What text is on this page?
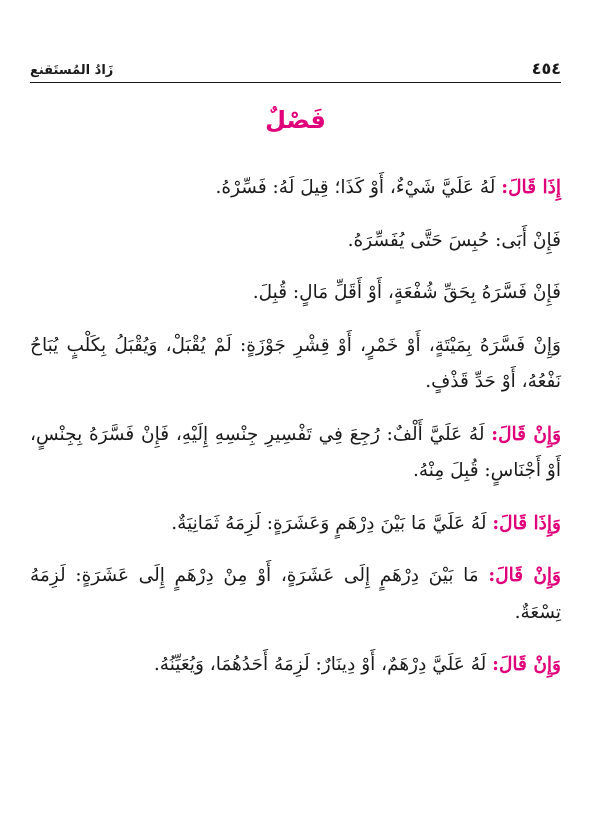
٤٥٤
زَادُ المُستَقنع
فَصْلٌ

إِذَا قَالَ: لَهُ عَلَيَّ شَيْءٌ، أَوْ كَذَا؛ قِيلَ لَهُ: فَسِّرْهُ.

فَإِنْ أَبَى: حُبِسَ حَتَّى يُفَسِّرَهُ.

فَإِنْ فَسَّرَهُ بِحَقِّ شُفْعَةٍ، أَوْ أَقَلِّ مَالٍ: قُبِلَ.

وَإِنْ فَسَّرَهُ بِمَيْتَةٍ، أَوْ خَمْرٍ، أَوْ قِشْرِ جَوْزَةٍ: لَمْ يُقْبَلْ، وَيُقْبَلُ بِكَلْبٍ يُبَاحُ نَفْعُهُ، أَوْ حَدِّ قَذْفٍ.

وَإِنْ قَالَ: لَهُ عَلَيَّ أَلْفٌ: رُجِعَ فِي تَفْسِيرِ جِنْسِهِ إِلَيْهِ، فَإِنْ فَسَّرَهُ بِجِنْسٍ، أَوْ أَجْنَاسٍ: قُبِلَ مِنْهُ.

وَإِذَا قَالَ: لَهُ عَلَيَّ مَا بَيْنَ دِرْهَمٍ وَعَشَرَةٍ: لَزِمَهُ ثَمَانِيَةٌ.

وَإِنْ قَالَ: مَا بَيْنَ دِرْهَمٍ إِلَى عَشَرَةٍ، أَوْ مِنْ دِرْهَمٍ إِلَى عَشَرَةٍ: لَزِمَهُ تِسْعَةٌ.

وَإِنْ قَالَ: لَهُ عَلَيَّ دِرْهَمٌ، أَوْ دِينَارٌ: لَزِمَهُ أَحَدُهُمَا، وَيُعَيِّنُهُ.
